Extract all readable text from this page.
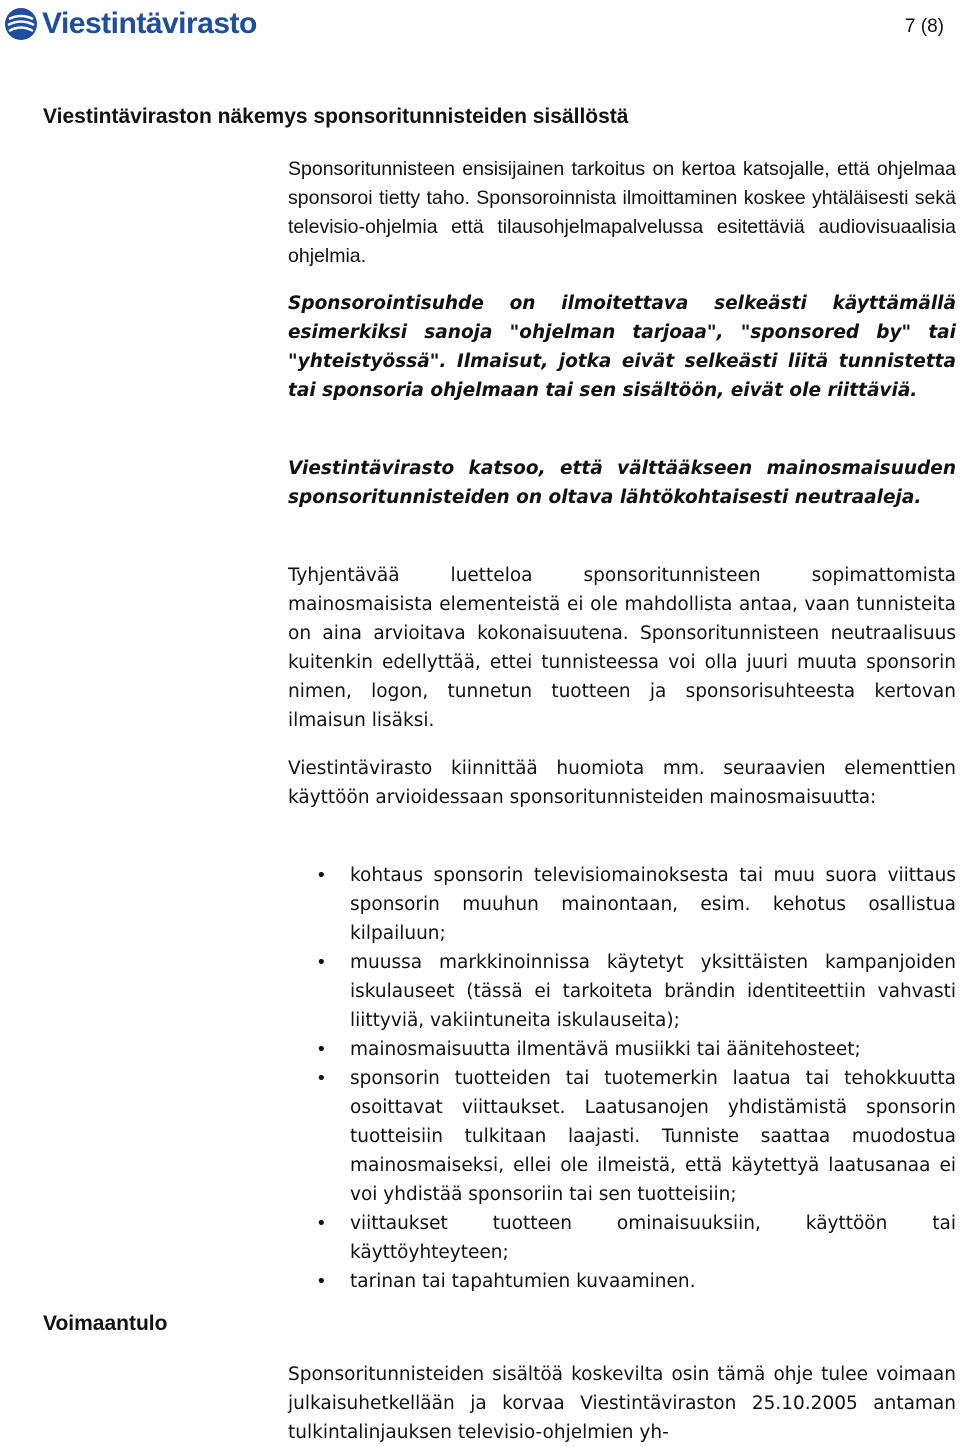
Viestintävirasto	7 (8)
Viestintäviraston näkemys sponsoritunnisteiden sisällöstä

Sponsoritunnisteen ensisijainen tarkoitus on kertoa katsojalle, että ohjelmaa sponsoroi tietty taho. Sponsoroinnista ilmoittaminen koskee yhtäläisesti sekä televisio-ohjelmia että tilausohjelmapalvelussa esitettäviä audiovisuaalisia ohjelmia.

Sponsorointisuhde on ilmoitettava selkeästi käyttämällä esimerkiksi sanoja "ohjelman tarjoaa", "sponsored by" tai "yhteistyössä". Ilmaisut, jotka eivät selkeästi liitä tunnistetta tai sponsoria ohjelmaan tai sen sisältöön, eivät ole riittäviä.

Viestintävirasto katsoo, että välttääkseen mainosmaisuuden sponsoritunnisteiden on oltava lähtökohtaisesti neutraaleja.

Tyhjentävää luetteloa sponsoritunnisteen sopimattomista mainosmaisista elementeistä ei ole mahdollista antaa, vaan tunnisteita on aina arvioitava kokonaisuutena. Sponsoritunnisteen neutraalisuus kuitenkin edellyttää, ettei tunnisteessa voi olla juuri muuta sponsorin nimen, logon, tunnetun tuotteen ja sponsorisuhteesta kertovan ilmaisun lisäksi.

Viestintävirasto kiinnittää huomiota mm. seuraavien elementtien käyttöön arvioidessaan sponsoritunnisteiden mainosmaisuutta:

• kohtaus sponsorin televisiomainoksesta tai muu suora viittaus sponsorin muuhun mainontaan, esim. kehotus osallistua kilpailuun;
• muussa markkinoinnissa käytetyt yksittäisten kampanjoiden iskulauseet (tässä ei tarkoiteta brändin identiteettiin vahvasti liittyviä, vakiintuneita iskulauseita);
• mainosmaisuutta ilmentävä musiikki tai äänitehosteet;
• sponsorin tuotteiden tai tuotemerkin laatua tai tehokkuutta osoittavat viittaukset. Laatusanojen yhdistämistä sponsorin tuotteisiin tulkitaan laajasti. Tunniste saattaa muodostua mainosmaiseksi, ellei ole ilmeistä, että käytettyä laatusanaa ei voi yhdistää sponsoriin tai sen tuotteisiin;
• viittaukset tuotteen ominaisuuksiin, käyttöön tai käyttöyhteyteen;
• tarinan tai tapahtumien kuvaaminen.
Voimaantulo

Sponsoritunnisteiden sisältöä koskevilta osin tämä ohje tulee voimaan julkaisuhetkellään ja korvaa Viestintäviraston 25.10.2005 antaman tulkintalinjauksen televisio-ohjelmien yh-
